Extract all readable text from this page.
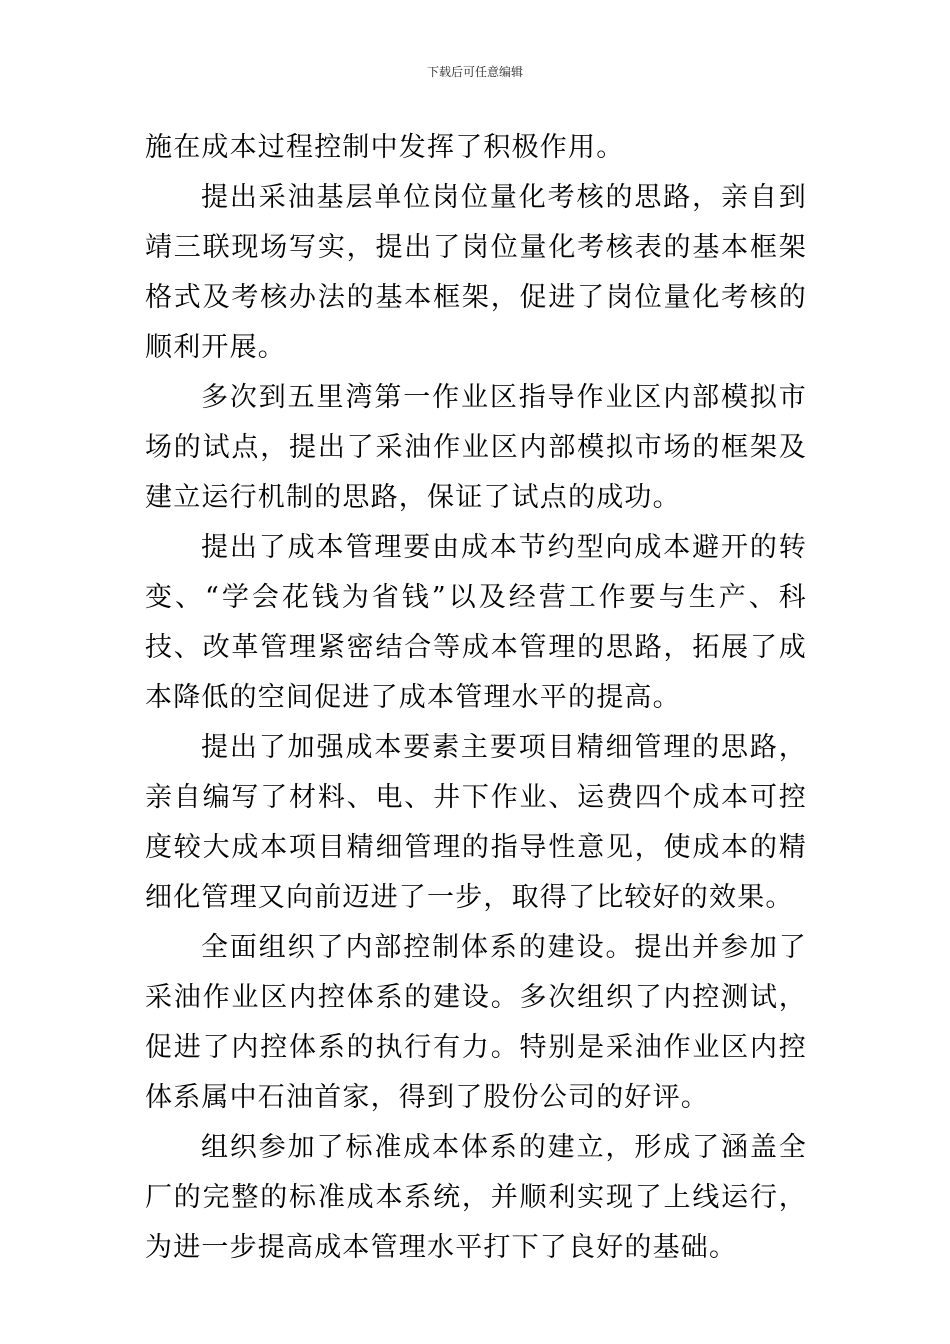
下载后可任意编辑

施在成本过程控制中发挥了积极作用。

提出采油基层单位岗位量化考核的思路，亲自到靖三联现场写实，提出了岗位量化考核表的基本框架格式及考核办法的基本框架，促进了岗位量化考核的顺利开展。

多次到五里湾第一作业区指导作业区内部模拟市场的试点，提出了采油作业区内部模拟市场的框架及建立运行机制的思路，保证了试点的成功。

提出了成本管理要由成本节约型向成本避开的转变、“学会花钱为省钱”以及经营工作要与生产、科技、改革管理紧密结合等成本管理的思路，拓展了成本降低的空间促进了成本管理水平的提高。

提出了加强成本要素主要项目精细管理的思路，亲自编写了材料、电、井下作业、运费四个成本可控度较大成本项目精细管理的指导性意见，使成本的精细化管理又向前迈进了一步，取得了比较好的效果。

全面组织了内部控制体系的建设。提出并参加了采油作业区内控体系的建设。多次组织了内控测试，促进了内控体系的执行有力。特别是采油作业区内控体系属中石油首家，得到了股份公司的好评。

组织参加了标准成本体系的建立，形成了涵盖全厂的完整的标准成本系统，并顺利实现了上线运行，为进一步提高成本管理水平打下了良好的基础。
